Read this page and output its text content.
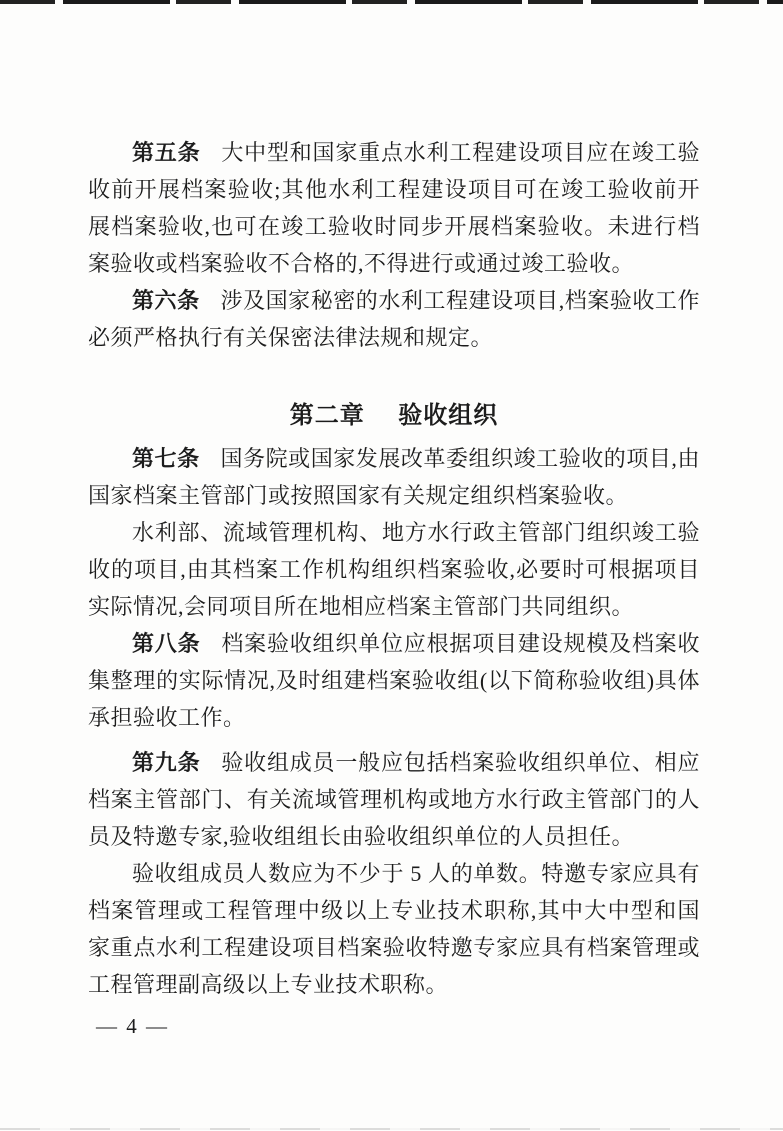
第五条 大中型和国家重点水利工程建设项目应在竣工验收前开展档案验收;其他水利工程建设项目可在竣工验收前开展档案验收,也可在竣工验收时同步开展档案验收。未进行档案验收或档案验收不合格的,不得进行或通过竣工验收。

第六条 涉及国家秘密的水利工程建设项目,档案验收工作必须严格执行有关保密法律法规和规定。

第二章 验收组织

第七条 国务院或国家发展改革委组织竣工验收的项目,由国家档案主管部门或按照国家有关规定组织档案验收。

水利部、流域管理机构、地方水行政主管部门组织竣工验收的项目,由其档案工作机构组织档案验收,必要时可根据项目实际情况,会同项目所在地相应档案主管部门共同组织。

第八条 档案验收组织单位应根据项目建设规模及档案收集整理的实际情况,及时组建档案验收组(以下简称验收组)具体承担验收工作。

第九条 验收组成员一般应包括档案验收组织单位、相应档案主管部门、有关流域管理机构或地方水行政主管部门的人员及特邀专家,验收组组长由验收组织单位的人员担任。

验收组成员人数应为不少于 5 人的单数。特邀专家应具有档案管理或工程管理中级以上专业技术职称,其中大中型和国家重点水利工程建设项目档案验收特邀专家应具有档案管理或工程管理副高级以上专业技术职称。

— 4 —
